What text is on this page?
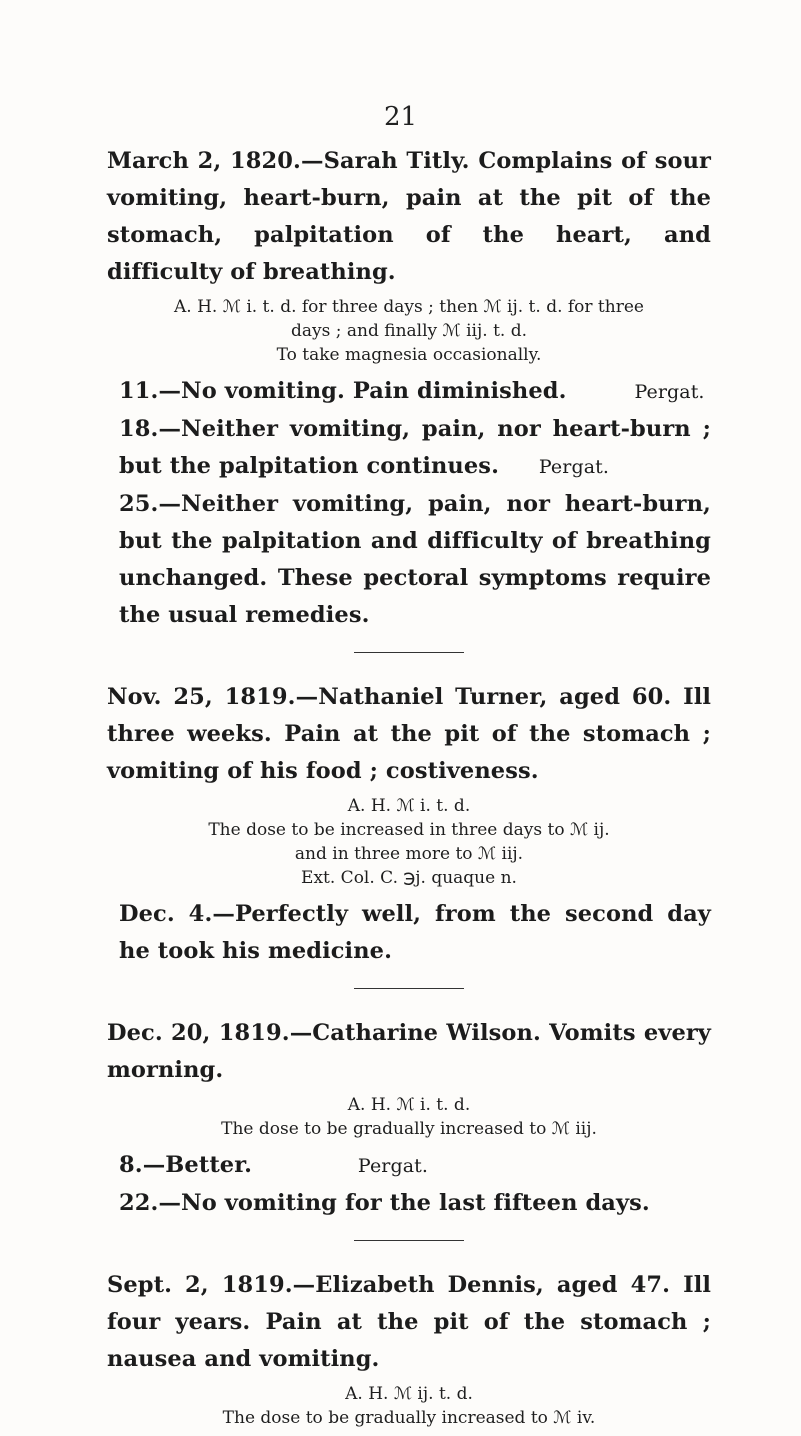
21

March 2, 1820.—Sarah Titly. Complains of sour vomiting, heart-burn, pain at the pit of the stomach, palpitation of the heart, and difficulty of breathing.

A. H. ℳ i. t. d. for three days ; then ℳ ij. t. d. for three
days ; and finally ℳ iij. t. d.
To take magnesia occasionally.

11.—No vomiting. Pain diminished.	Pergat.

18.—Neither vomiting, pain, nor heart-burn ; but the palpitation continues. Pergat.

25.—Neither vomiting, pain, nor heart-burn, but the palpitation and difficulty of breathing unchanged. These pectoral symptoms require the usual remedies.

Nov. 25, 1819.—Nathaniel Turner, aged 60. Ill three weeks. Pain at the pit of the stomach ; vomiting of his food ; costiveness.

A. H. ℳ i. t. d.
The dose to be increased in three days to ℳ ij.
and in three more to ℳ iij.
Ext. Col. C. ℈j. quaque n.

Dec. 4.—Perfectly well, from the second day he took his medicine.

Dec. 20, 1819.—Catharine Wilson. Vomits every morning.

A. H. ℳ i. t. d.
The dose to be gradually increased to ℳ iij.

8.—Better.	Pergat.

22.—No vomiting for the last fifteen days.

Sept. 2, 1819.—Elizabeth Dennis, aged 47. Ill four years. Pain at the pit of the stomach ; nausea and vomiting.

A. H. ℳ ij. t. d.
The dose to be gradually increased to ℳ iv.
